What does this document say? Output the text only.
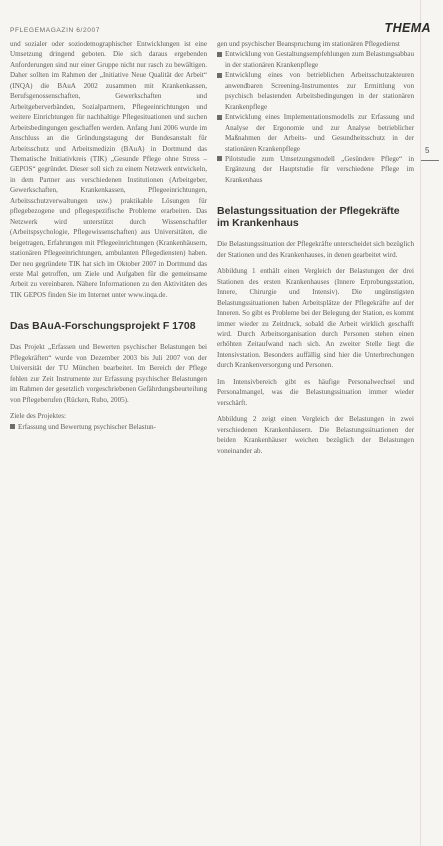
PFLEGEMAGAZIN 6/2007	THEMA

und sozialer oder soziodemographischer Entwicklungen ist eine Umsetzung dringend geboten. Die sich daraus ergebenden Anforderungen sind nur einer Gruppe nicht nur rasch zu bewältigen. Daher sollten im Rahmen der „Initiative Neue Qualität der Arbeit“ (INQA) die BAuA 2002 zusammen mit Krankenkassen, Berufsgenossenschaften, Gewerkschaften und Arbeitgeberverbänden, Sozialpartnern, Pflegeeinrichtungen und weitere Einrichtungen für nachhaltige Pflegesituationen und suchen Arbeitsbedingungen geschaffen werden. Anfang Juni 2006 wurde im Anschluss an die Gründungstagung der Bundesanstalt für Arbeitsschutz und Arbeitsmedizin (BAuA) in Dortmund das Thematische Initiativkreis (TIK) „Gesunde Pflege ohne Stress – GEPOS“ gegründet. Dieser soll sich zu einem Netzwerk entwickeln, in dem Partner aus verschiedenen Institutionen (Arbeitgeber, Gewerkschaften, Krankenkassen, Pflegeeinrichtungen, Arbeitsschutzverwaltungen usw.) praktikable Lösungen für pflegebezogene und pflegespezifische Probleme erarbeiten. Das Netzwerk wird unterstützt durch Wissenschaftler (Arbeitspsychologie, Pflegewissenschaften) aus Universitäten, die beigetragen, Erfahrungen mit Pflegeeinrichtungen (Krankenhäusern, stationären Pflegeeinrichtungen, ambulanten Pflegediensten) haben. Der neu gegründete TIK hat sich im Oktober 2007 in Dortmund das erste Mal getroffen, um Ziele und Aufgaben für die gemeinsame Arbeit zu vereinbaren. Nähere Informationen zu den Aktivitäten des TIK GEPOS finden Sie im Internet unter www.inqa.de.

Das BAuA-Forschungsprojekt F 1708

Das Projekt „Erfassen und Bewerten psychischer Belastungen bei Pflegekräften“ wurde von Dezember 2003 bis Juli 2007 von der Universität der TU München bearbeitet. Im Bereich der Pflege fehlen zur Zeit Instrumente zur Erfassung psychischer Belastungen im Rahmen der gesetzlich vorgeschriebenen Gefährdungsbeurteilung von Pflegeberufen (Rücken, Rubo, 2005).

Ziele des Projektes:

Erfassung und Bewertung psychischer Belastun-
gen und psychischer Beanspruchung im stationären Pflegedienst
Entwicklung von Gestaltungsempfehlungen zum Belastungsabbau in der stationären Krankenpflege
Entwicklung eines von betrieblichen Arbeitsschutzakteuren anwendbaren Screening-Instrumentes zur Ermittlung von psychisch belastenden Arbeitsbedingungen in der stationären Krankenpflege
Entwicklung eines Implementationsmodells zur Erfassung und Analyse der Ergonomie und zur Analyse betrieblicher Maßnahmen der Arbeits- und Gesundheitsschutz in der stationären Krankenpflege
Pilotstudie zum Umsetzungsmodell „Gesündere Pflege“ in Ergänzung der Hauptstudie für verschiedene Pflege im Krankenhaus
Belastungssituation der Pflegekräfte im Krankenhaus

Die Belastungssituation der Pflegekräfte unterscheidet sich bezüglich der Stationen und des Krankenhauses, in denen gearbeitet wird.

Abbildung 1 enthält einen Vergleich der Belastungen der drei Stationen des ersten Krankenhauses (Innere Erprobungsstation, Innere, Chirurgie und Intensiv). Die ungünstigsten Belastungssituationen haben Arbeitsplätze der Pflegekräfte auf der Inneren. So gibt es Probleme bei der Belegung der Station, es kommt immer wieder zu Zeitdruck, sobald die Arbeit wirklich geschafft wird. Durch Arbeitsorganisation durch Personen stehen einen erhöhten Zeitaufwand nach sich. An zweiter Stelle liegt die Intensivstation. Besonders auffällig sind hier die Unterbrechungen durch Krankenversorgung und Personen.

Im Intensivbereich gibt es häufige Personalwechsel und Personalmangel, was die Belastungssituation immer wieder verschärft.

Abbildung 2 zeigt einen Vergleich der Belastungen in zwei verschiedenen Krankenhäusern. Die Belastungssituationen der beiden Krankenhäuser weichen bezüglich der Belastungen voneinander ab.

5
